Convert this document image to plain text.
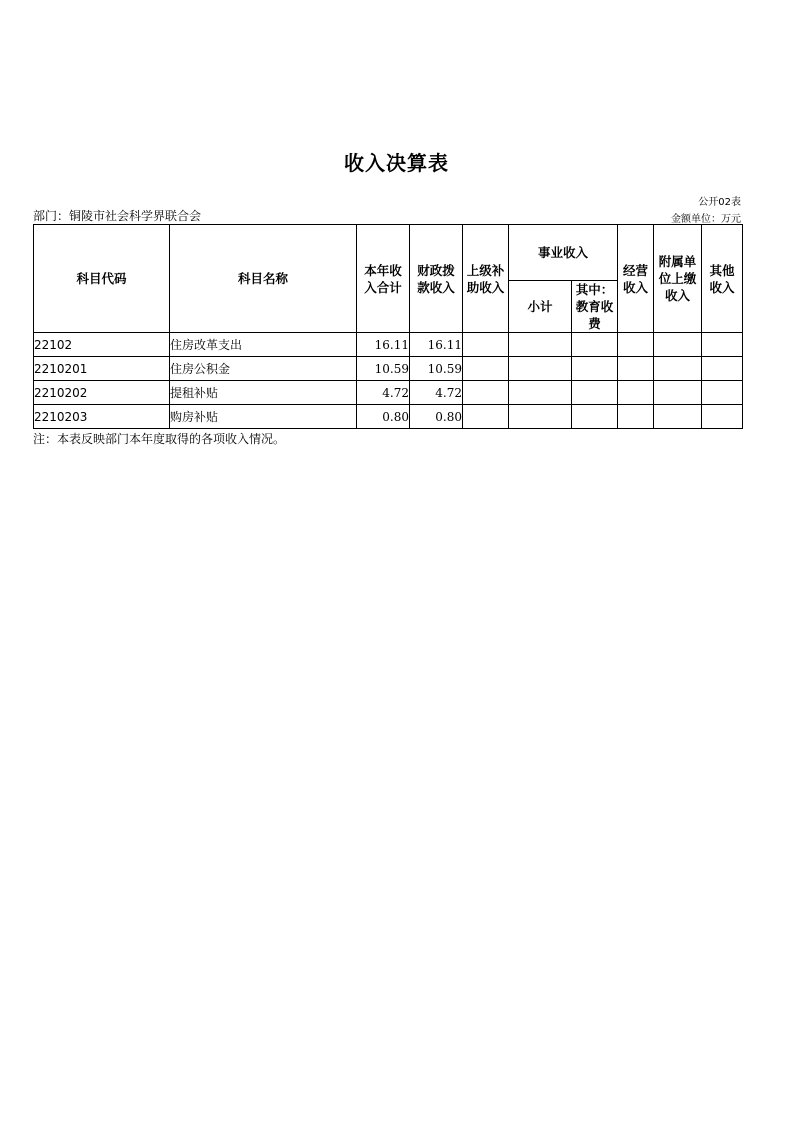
收入决算表
公开02表
部门：铜陵市社会科学界联合会	金额单位：万元
科目代码	科目名称	本年收入合计	财政拨款收入	上级补助收入	事业收入		经营收入	附属单位上缴收入	其他收入
					小计	其中：教育收费			
22102	住房改革支出	16.11	16.11						
2210201	住房公积金	10.59	10.59						
2210202	提租补贴	4.72	4.72						
2210203	购房补贴	0.80	0.80						
注：本表反映部门本年度取得的各项收入情况。
